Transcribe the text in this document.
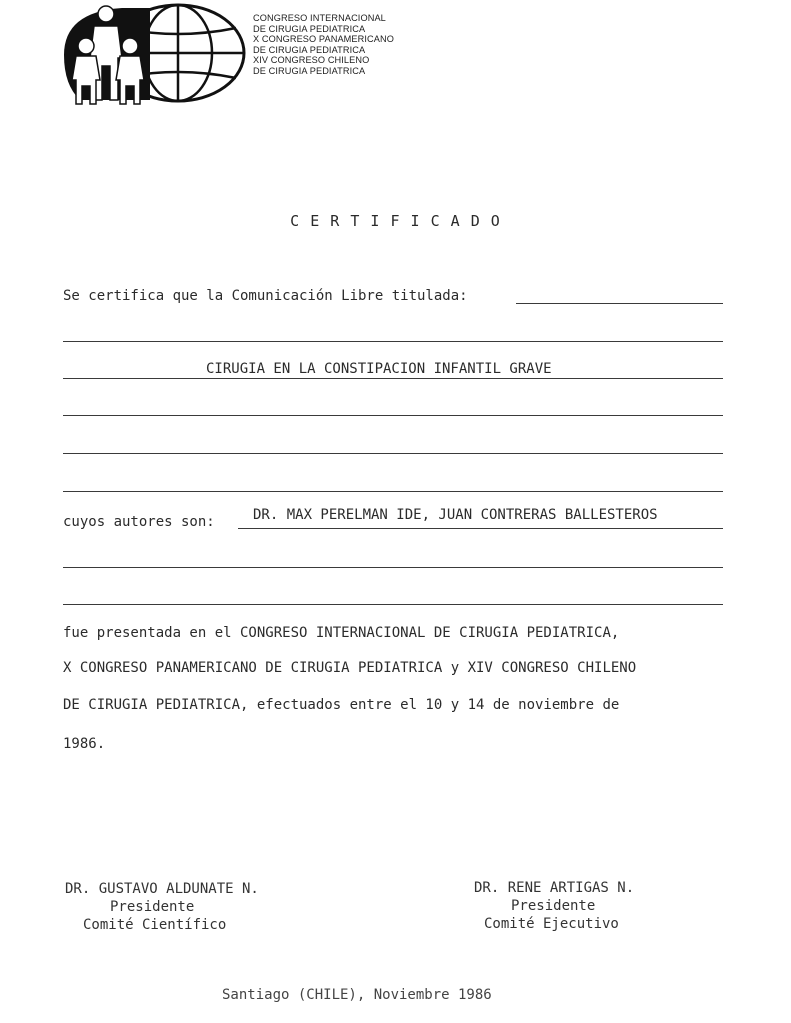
CONGRESO INTERNACIONAL
DE CIRUGIA PEDIATRICA
X CONGRESO PANAMERICANO
DE CIRUGIA PEDIATRICA
XIV CONGRESO CHILENO
DE CIRUGIA PEDIATRICA
C E R T I F I C A D O
Se certifica que la Comunicación Libre titulada:
CIRUGIA EN LA CONSTIPACION INFANTIL GRAVE
cuyos autores son:	DR. MAX PERELMAN IDE, JUAN CONTRERAS BALLESTEROS
fue presentada en el CONGRESO INTERNACIONAL DE CIRUGIA PEDIATRICA,
X CONGRESO PANAMERICANO DE CIRUGIA PEDIATRICA y XIV CONGRESO CHILENO
DE CIRUGIA PEDIATRICA, efectuados entre el 10 y 14 de noviembre de
1986.
DR. GUSTAVO ALDUNATE N.
Presidente
Comité Científico
DR. RENE ARTIGAS N.
Presidente
Comité Ejecutivo
Santiago (CHILE), Noviembre 1986
